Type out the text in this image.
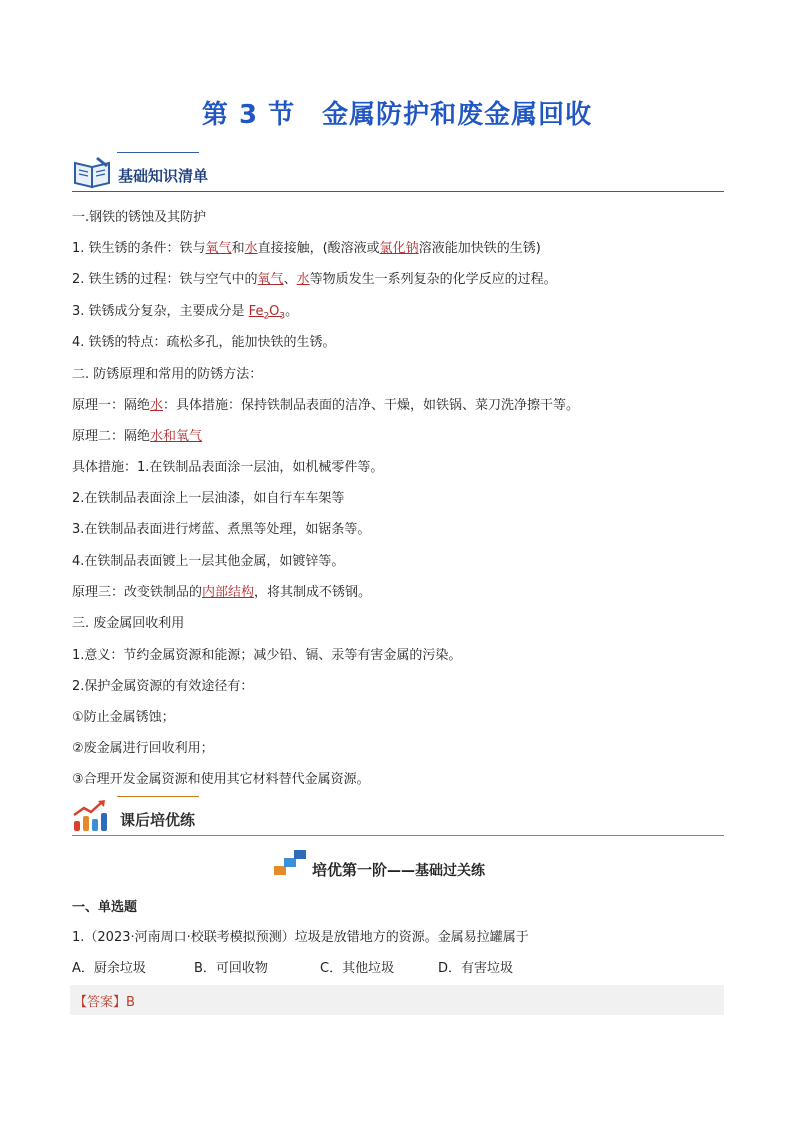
第 3 节　金属防护和废金属回收
基础知识清单
一.钢铁的锈蚀及其防护
1. 铁生锈的条件：铁与氧气和水直接接触，(酸溶液或氯化钠溶液能加快铁的生锈)
2. 铁生锈的过程：铁与空气中的氧气、水等物质发生一系列复杂的化学反应的过程。
3. 铁锈成分复杂，主要成分是 $Fe_2O_3$。
4. 铁锈的特点：疏松多孔，能加快铁的生锈。
二. 防锈原理和常用的防锈方法：
原理一：隔绝水：具体措施：保持铁制品表面的洁净、干燥，如铁锅、菜刀洗净擦干等。
原理二：隔绝水和氧气
具体措施：1.在铁制品表面涂一层油，如机械零件等。
2.在铁制品表面涂上一层油漆，如自行车车架等
3.在铁制品表面进行烤蓝、煮黑等处理，如锯条等。
4.在铁制品表面镀上一层其他金属，如镀锌等。
原理三：改变铁制品的内部结构，将其制成不锈钢。
三. 废金属回收利用
1.意义：节约金属资源和能源；减少铅、镉、汞等有害金属的污染。
2.保护金属资源的有效途径有：
①防止金属锈蚀；
②废金属进行回收利用；
③合理开发金属资源和使用其它材料替代金属资源。
课后培优练
培优第一阶——基础过关练
一、单选题
1.（2023·河南周口·校联考模拟预测）垃圾是放错地方的资源。金属易拉罐属于
A．厨余垃圾	B．可回收物	C．其他垃圾	D．有害垃圾
【答案】B
